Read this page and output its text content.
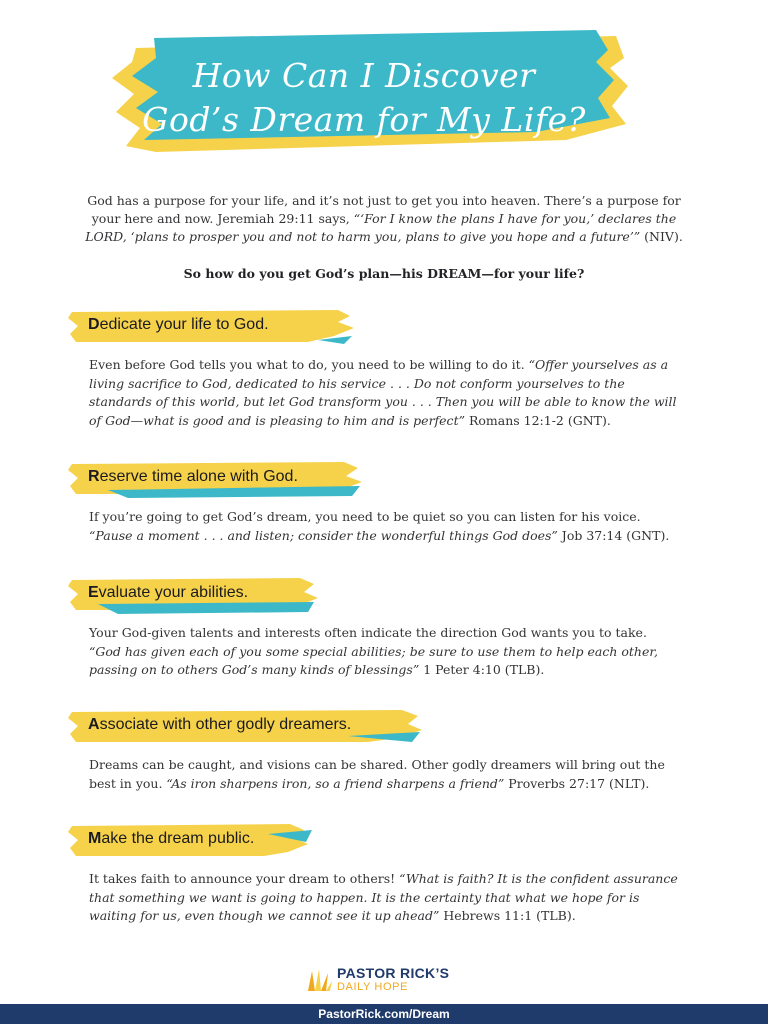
How Can I Discover
God’s Dream for My Life?
God has a purpose for your life, and it’s not just to get you into heaven. There’s a purpose for your here and now. Jeremiah 29:11 says, “‘For I know the plans I have for you,’ declares the LORD, ‘plans to prosper you and not to harm you, plans to give you hope and a future’” (NIV).
So how do you get God’s plan—his DREAM—for your life?
Dedicate your life to God.
Even before God tells you what to do, you need to be willing to do it. “Offer yourselves as a living sacrifice to God, dedicated to his service . . . Do not conform yourselves to the standards of this world, but let God transform you . . . Then you will be able to know the will of God—what is good and is pleasing to him and is perfect” Romans 12:1-2 (GNT).
Reserve time alone with God.
If you’re going to get God’s dream, you need to be quiet so you can listen for his voice. “Pause a moment . . . and listen; consider the wonderful things God does” Job 37:14 (GNT).
Evaluate your abilities.
Your God-given talents and interests often indicate the direction God wants you to take. “God has given each of you some special abilities; be sure to use them to help each other, passing on to others God’s many kinds of blessings” 1 Peter 4:10 (TLB).
Associate with other godly dreamers.
Dreams can be caught, and visions can be shared. Other godly dreamers will bring out the best in you. “As iron sharpens iron, so a friend sharpens a friend” Proverbs 27:17 (NLT).
Make the dream public.
It takes faith to announce your dream to others! “What is faith? It is the confident assurance that something we want is going to happen. It is the certainty that what we hope for is waiting for us, even though we cannot see it up ahead” Hebrews 11:1 (TLB).
PASTOR RICK’S
DAILY HOPE
PastorRick.com/Dream
